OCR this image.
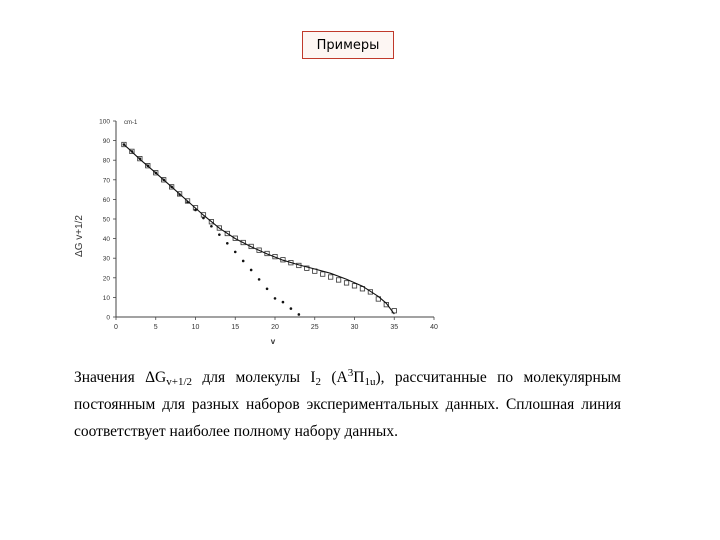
Примеры
ΔG v+1/2
cm-1
v
0	5	10	15	20	25	30	35	40
0
10
20
30
40
50
60
70
80
90
100
Значения $\Delta G_{v+1/2}$ для молекулы $I_2$ $(A^3\Pi_{1u})$, рассчитанные по молекулярным постоянным для разных наборов экспериментальных данных. Сплошная линия соответствует наиболее полному набору данных.
